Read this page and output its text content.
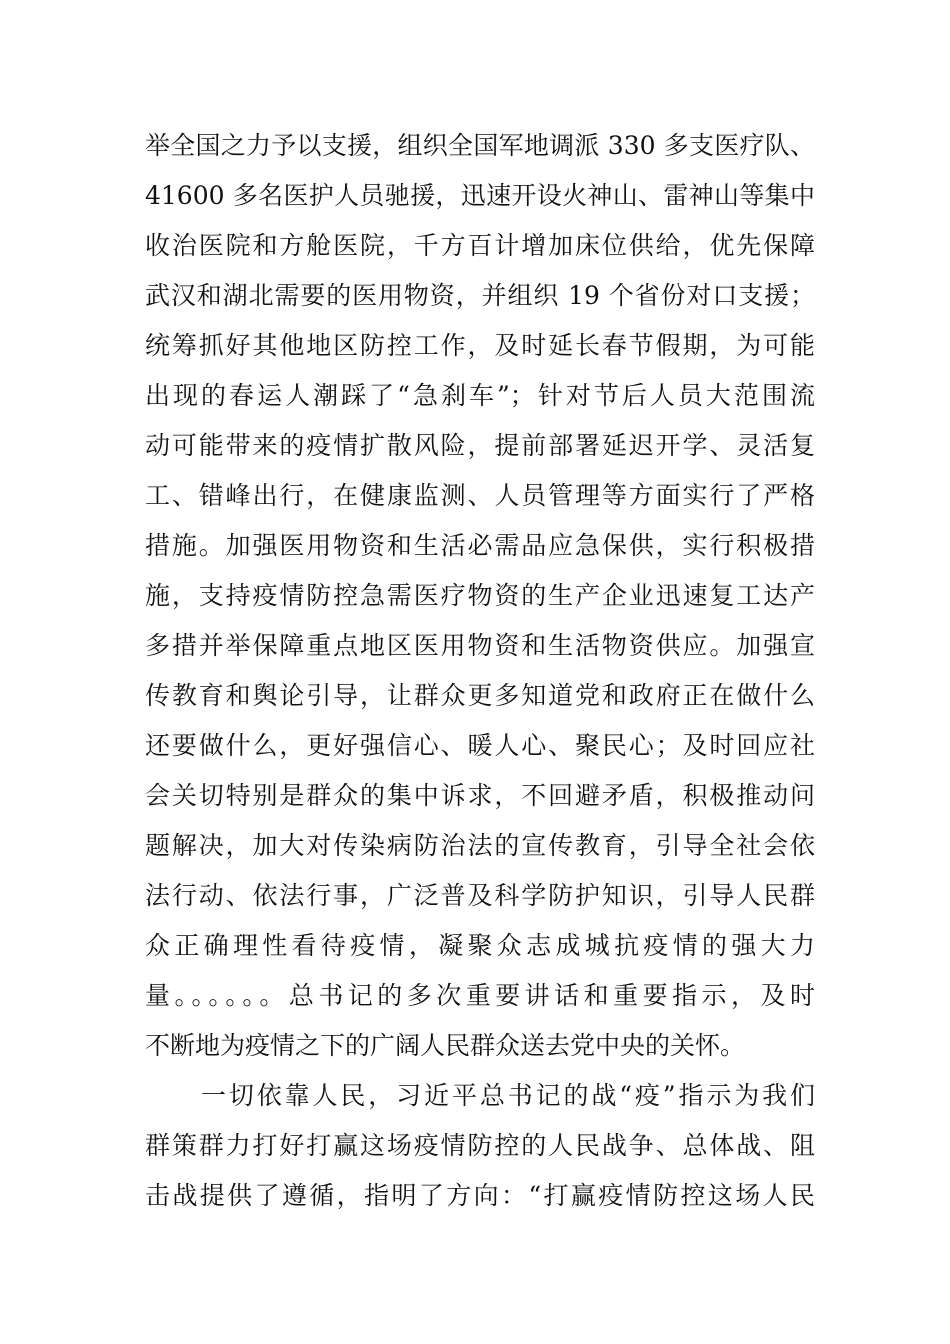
举全国之力予以支援，组织全国军地调派 330 多支医疗队、
41600 多名医护人员驰援，迅速开设火神山、雷神山等集中
收治医院和方舱医院，千方百计增加床位供给，优先保障
武汉和湖北需要的医用物资，并组织 19 个省份对口支援；
统筹抓好其他地区防控工作，及时延长春节假期，为可能
出现的春运人潮踩了“急刹车”；针对节后人员大范围流
动可能带来的疫情扩散风险，提前部署延迟开学、灵活复
工、错峰出行，在健康监测、人员管理等方面实行了严格
措施。加强医用物资和生活必需品应急保供，实行积极措
施，支持疫情防控急需医疗物资的生产企业迅速复工达产
多措并举保障重点地区医用物资和生活物资供应。加强宣
传教育和舆论引导，让群众更多知道党和政府正在做什么
还要做什么，更好强信心、暖人心、聚民心；及时回应社
会关切特别是群众的集中诉求，不回避矛盾，积极推动问
题解决，加大对传染病防治法的宣传教育，引导全社会依
法行动、依法行事，广泛普及科学防护知识，引导人民群
众正确理性看待疫情，凝聚众志成城抗疫情的强大力
量。。。。。。总书记的多次重要讲话和重要指示，及时
不断地为疫情之下的广阔人民群众送去党中央的关怀。
一切依靠人民，习近平总书记的战“疫”指示为我们
群策群力打好打赢这场疫情防控的人民战争、总体战、阻
击战提供了遵循，指明了方向：“打赢疫情防控这场人民
